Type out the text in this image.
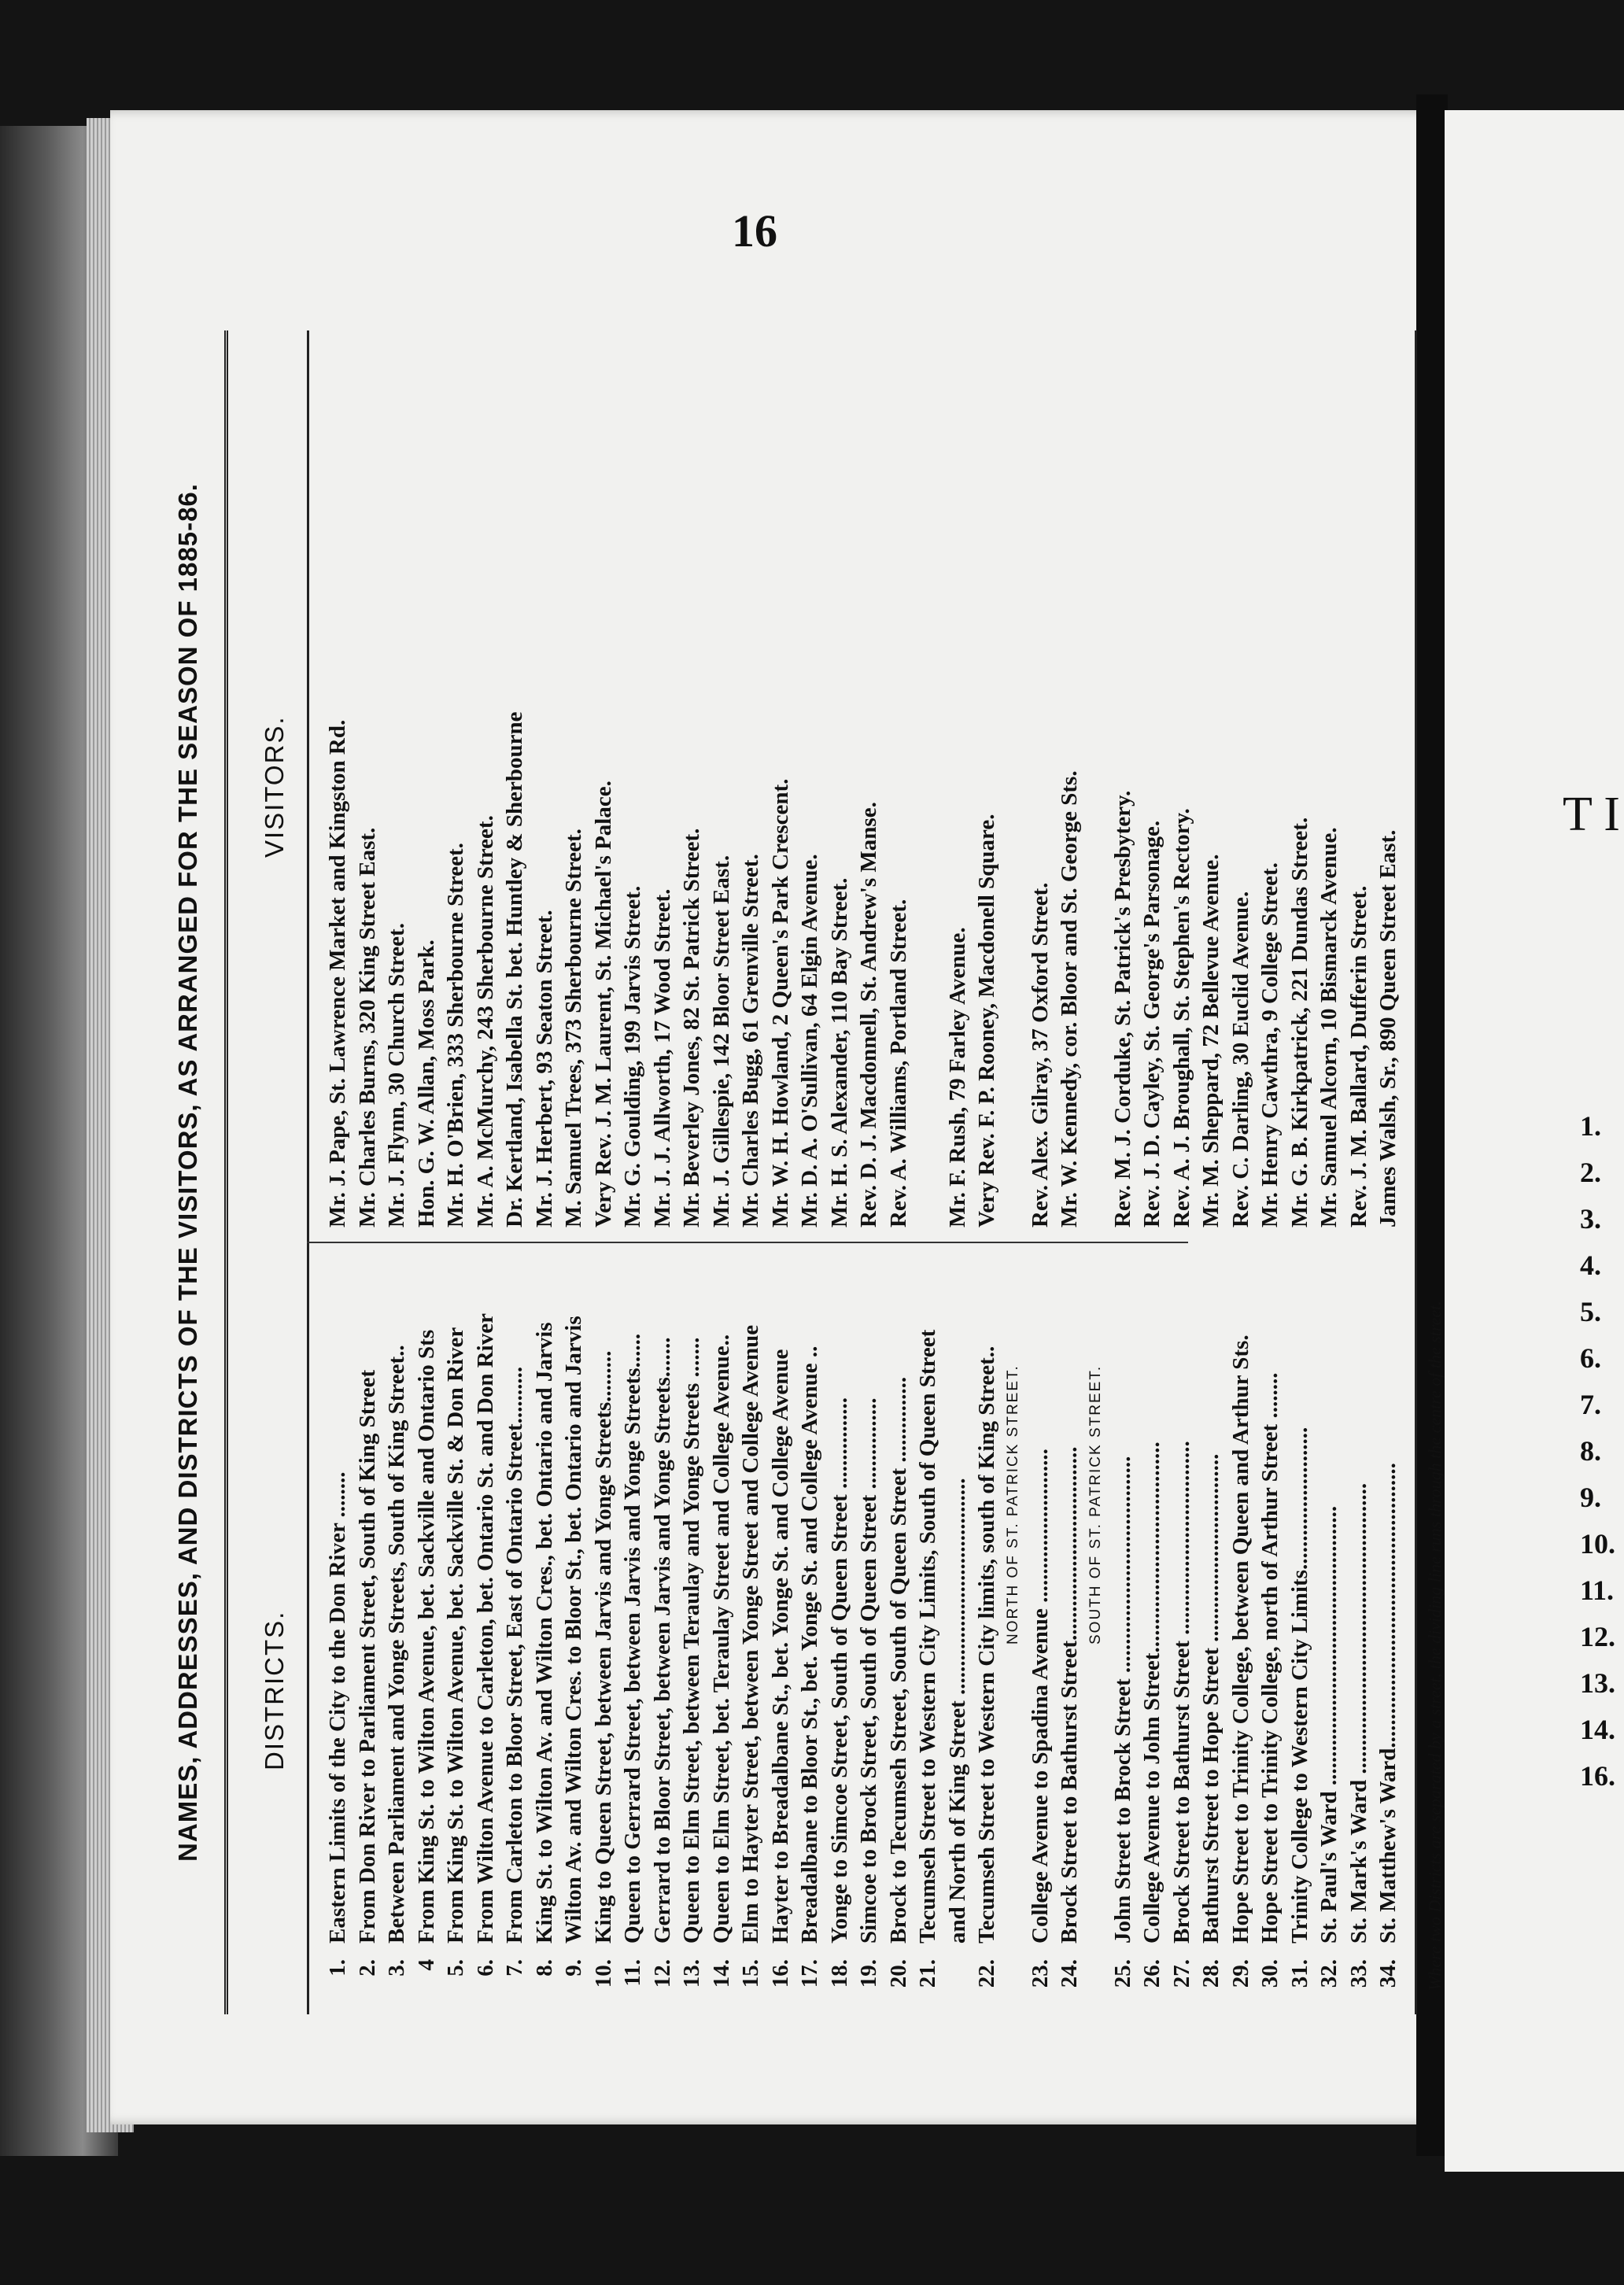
16
NAMES, ADDRESSES, AND DISTRICTS OF THE VISITORS, AS ARRANGED FOR THE SEASON OF 1885-86. DISTRICTS.
VISITORS.
1.
Eastern Limits of the City to the Don River ........
Mr. J. Pape, St. Lawrence Market and Kingston Rd.
2.
From Don River to Parliament Street, South of King Street
Mr. Charles Burns, 320 King Street East.
3.
Between Parliament and Yonge Streets, South of King Street..
Mr. J. Flynn, 30 Church Street.
4
From King St. to Wilton Avenue, bet. Sackville and Ontario Sts
Hon. G. W. Allan, Moss Park.
5.
From King St. to Wilton Avenue, bet. Sackville St. & Don River
Mr. H. O'Brien, 333 Sherbourne Street.
6.
From Wilton Avenue to Carleton, bet. Ontario St. and Don River
Mr. A. McMurchy, 243 Sherbourne Street.
7.
From Carleton to Bloor Street, East of Ontario Street..........
Dr. Kertland, Isabella St. bet. Huntley & Sherbourne
8.
King St. to Wilton Av. and Wilton Cres., bet. Ontario and Jarvis
Mr. J. Herbert, 93 Seaton Street.
9.
Wilton Av. and Wilton Cres. to Bloor St., bet. Ontario and Jarvis
M. Samuel Trees, 373 Sherbourne Street.
10.
King to Queen Street, between Jarvis and Yonge Streets.........
Very Rev. J. M. Laurent, St. Michael's Palace.
11.
Queen to Gerrard Street, between Jarvis and Yonge Streets......
Mr. G. Goulding, 199 Jarvis Street.
12.
Gerrard to Bloor Street, between Jarvis and Yonge Streets.......
Mr. J. J. Allworth, 17 Wood Street.
13.
Queen to Elm Street, between Teraulay and Yonge Streets .......
Mr. Beverley Jones, 82 St. Patrick Street.
14.
Queen to Elm Street, bet. Teraulay Street and College Avenue..
Mr. J. Gillespie, 142 Bloor Street East.
15.
Elm to Hayter Street, between Yonge Street and College Avenue
Mr. Charles Bugg, 61 Grenville Street.
16.
Hayter to Breadalbane St., bet. Yonge St. and College Avenue
Mr. W. H. Howland, 2 Queen's Park Crescent.
17.
Breadalbane to Bloor St., bet. Yonge St. and College Avenue ..
Mr. D. A. O'Sullivan, 64 Elgin Avenue.
18.
Yonge to Simcoe Street, South of Queen Street ................
Mr. H. S. Alexander, 110 Bay Street.
19.
Simcoe to Brock Street, South of Queen Street ................
Rev. D. J. Macdonnell, St. Andrew's Manse.
20.
Brock to Tecumseh Street, South of Queen Street ...............
Rev. A. Williams, Portland Street.
21.
Tecumseh Street to Western City Limits, South of Queen Street and North of King Street ......................................
Mr. F. Rush, 79 Farley Avenue.
22.
Tecumseh Street to Western City limits, south of King Street..
Very Rev. F. P. Rooney, Macdonell Square.
23.
College Avenue to Spadina Avenue ...........................
Rev. Alex. Gilray, 37 Oxford Street.
24.
Brock Street to Bathurst Street..................................
Mr. W. Kennedy, cor. Bloor and St. George Sts.
25.
John Street to Brock Street ......................................
Rev. M. J. Corduke, St. Patrick's Presbytery.
26.
College Avenue to John Street.....................................
Rev. J. D. Cayley, St. George's Parsonage.
27.
Brock Street to Bathurst Street ..................................
Rev. A. J. Broughall, St. Stephen's Rectory.
28.
Bathurst Street to Hope Street .................................
Mr. M. Sheppard, 72 Bellevue Avenue.
29.
Hope Street to Trinity College, between Queen and Arthur Sts.
Rev. C. Darling, 30 Euclid Avenue.
30.
Hope Street to Trinity College, north of Arthur Street ........
Mr. Henry Cawthra, 9 College Street.
31.
Trinity College to Western City Limits.........................
Mr. G. B. Kirkpatrick, 221 Dundas Street.
32.
St. Paul's Ward .................................................
Mr. Samuel Alcorn, 10 Bismarck Avenue.
33.
St. Mark's Ward ...................................................
Rev. J. M. Ballard, Dufferin Street.
34.
St. Matthew's Ward..................................................
James Walsh, Sr., 890 Queen Street East.
NORTH OF ST. PATRICK STREET.	SOUTH OF ST. PATRICK STREET.	Where two Districts are separated by a street, the dividing line runs through the centre of the street.
T I
1.
2.
3.
4.
5.
6.
7.
8.
9.
10.
11.
12.
13.
14.
16.
